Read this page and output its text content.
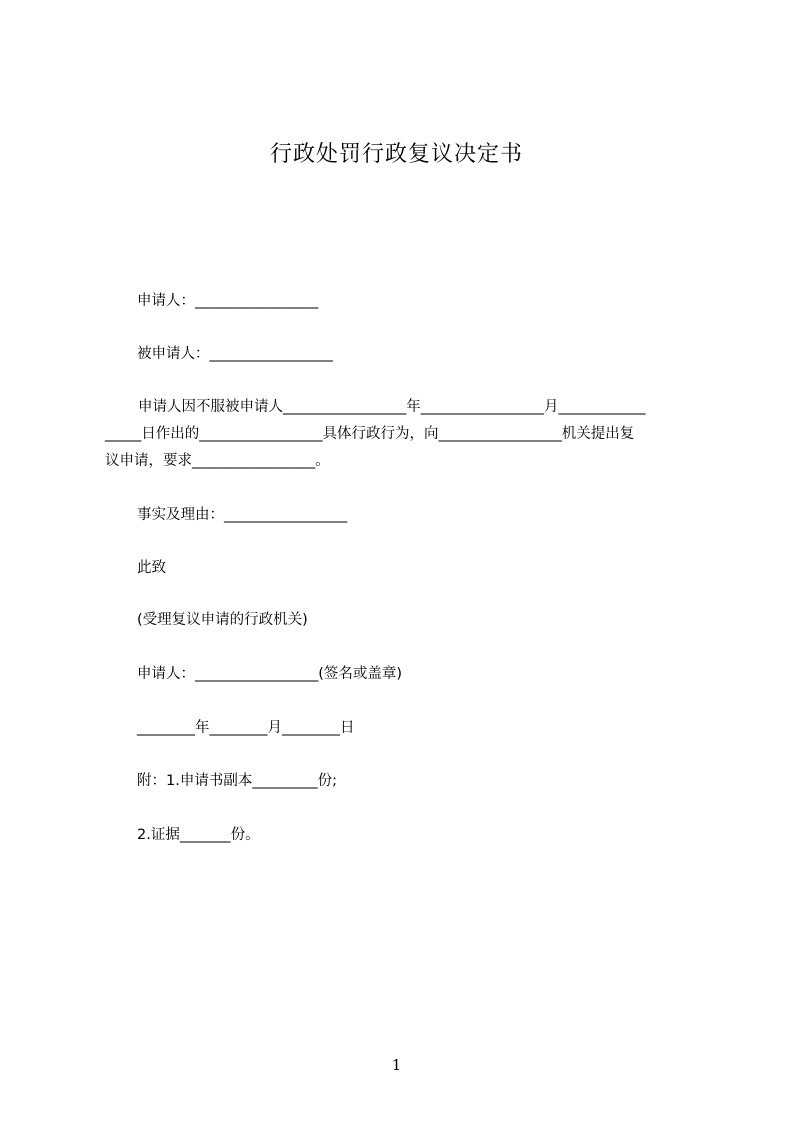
行政处罚行政复议决定书
申请人：_________________
被申请人：_________________
申请人因不服被申请人_________________年_________________月____________
_____日作出的_________________具体行政行为，向_________________机关提出复
议申请，要求_________________。
事实及理由：_________________
此致
(受理复议申请的行政机关)
申请人：_________________(签名或盖章)
________年________月________日
附：1.申请书副本_________份;
2.证据_______份。
1
